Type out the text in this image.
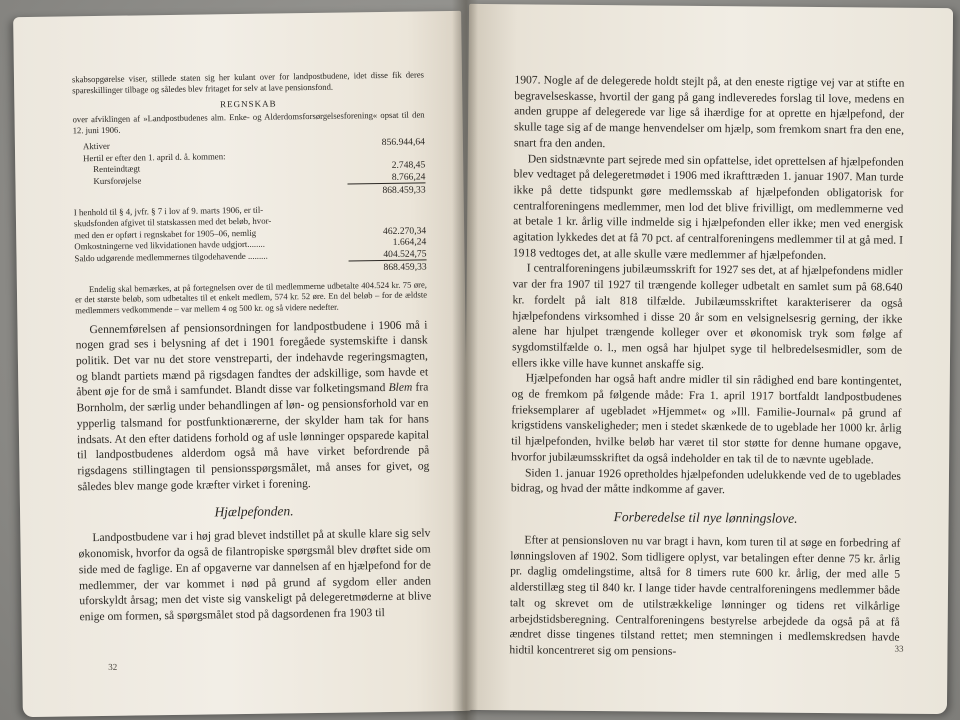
skabsopgørelse viser, stillede staten sig her kulant over for landpostbudene, idet disse fik deres spareskillinger tilbage og således blev fritaget for selv at lave pensionsfond.

REGNSKAB

over afviklingen af »Landpostbudenes alm. Enke- og Alderdomsforsørgelsesforening« opsat til den 12. juni 1906.

Aktiver	856.944,64
Hertil er efter den 1. april d. å. kommen:
Renteindtægt	2.748,45
Kursforøjelse	8.766,24
868.459,33
I henhold til § 4, jvfr. § 7 i lov af 9. marts 1906, er til-
skudsfonden afgivet til statskassen med det beløb, hvor-
med den er opført i regnskabet for 1905–06, nemlig	462.270,34
Omkostningerne ved likvidationen havde udgjort........	1.664,24
Saldo udgørende medlemmernes tilgodehavende .........	404.524,75
868.459,33

Endelig skal bemærkes, at på fortegnelsen over de til medlemmerne udbetalte 404.524 kr. 75 øre, er det største beløb, som udbetaltes til et enkelt medlem, 574 kr. 52 øre. En del beløb – for de ældste medlemmers vedkommende – var mellem 4 og 500 kr. og så videre nedefter.

Gennemførelsen af pensionsordningen for landpostbudene i 1906 må i nogen grad ses i belysning af det i 1901 foregåede systemskifte i dansk politik. Det var nu det store venstreparti, der indehavde regeringsmagten, og blandt partiets mænd på rigsdagen fandtes der adskillige, som havde et åbent øje for de små i samfundet. Blandt disse var folketingsmand Blem fra Bornholm, der særlig under behandlingen af løn- og pensionsforhold var en ypperlig talsmand for postfunktionærerne, der skylder ham tak for hans indsats. At den efter datidens forhold og af usle lønninger opsparede kapital til landpostbudenes alderdom også må have virket befordrende på rigsdagens stillingtagen til pensionsspørgsmålet, må anses for givet, og således blev mange gode kræfter virket i forening.

Hjælpefonden.

Landpostbudene var i høj grad blevet indstillet på at skulle klare sig selv økonomisk, hvorfor da også de filantropiske spørgsmål blev drøftet side om side med de faglige. En af opgaverne var dannelsen af en hjælpefond for de medlemmer, der var kommet i nød på grund af sygdom eller anden uforskyldt årsag; men det viste sig vanskeligt på delegeretmøderne at blive enige om formen, så spørgsmålet stod på dagsordenen fra 1903 til

32

1907. Nogle af de delegerede holdt stejlt på, at den eneste rigtige vej var at stifte en begravelseskasse, hvortil der gang på gang indleveredes forslag til love, medens en anden gruppe af delegerede var lige så ihærdige for at oprette en hjælpefond, der skulle tage sig af de mange henvendelser om hjælp, som fremkom snart fra den ene, snart fra den anden.

Den sidstnævnte part sejrede med sin opfattelse, idet oprettelsen af hjælpefonden blev vedtaget på delegeretmødet i 1906 med ikrafttræden 1. januar 1907. Man turde ikke på dette tidspunkt gøre medlemsskab af hjælpefonden obligatorisk for centralforeningens medlemmer, men lod det blive frivilligt, om medlemmerne ved at betale 1 kr. årlig ville indmelde sig i hjælpefonden eller ikke; men ved energisk agitation lykkedes det at få 70 pct. af centralforeningens medlemmer til at gå med. I 1918 vedtoges det, at alle skulle være medlemmer af hjælpefonden.

I centralforeningens jubilæumsskrift for 1927 ses det, at af hjælpefondens midler var der fra 1907 til 1927 til trængende kolleger udbetalt en samlet sum på 68.640 kr. fordelt på ialt 818 tilfælde. Jubilæumsskriftet karakteriserer da også hjælpefondens virksomhed i disse 20 år som en velsignelsesrig gerning, der ikke alene har hjulpet trængende kolleger over et økonomisk tryk som følge af sygdomstilfælde o. l., men også har hjulpet syge til helbredelsesmidler, som de ellers ikke ville have kunnet anskaffe sig.

Hjælpefonden har også haft andre midler til sin rådighed end bare kontingentet, og de fremkom på følgende måde: Fra 1. april 1917 bortfaldt landpostbudenes frieksemplarer af ugebladet »Hjemmet« og »Ill. Familie-Journal« på grund af krigstidens vanskeligheder; men i stedet skænkede de to ugeblade her 1000 kr. årlig til hjælpefonden, hvilke beløb har været til stor støtte for denne humane opgave, hvorfor jubilæumsskriftet da også indeholder en tak til de to nævnte ugeblade.

Siden 1. januar 1926 opretholdes hjælpefonden udelukkende ved de to ugeblades bidrag, og hvad der måtte indkomme af gaver.

Forberedelse til nye lønningslove.

Efter at pensionsloven nu var bragt i havn, kom turen til at søge en forbedring af lønningsloven af 1902. Som tidligere oplyst, var betalingen efter denne 75 kr. årlig pr. daglig omdelingstime, altså for 8 timers rute 600 kr. årlig, der med alle 5 alderstillæg steg til 840 kr. I lange tider havde centralforeningens medlemmer både talt og skrevet om de utilstrækkelige lønninger og tidens ret vilkårlige arbejdstidsberegning. Centralforeningens bestyrelse arbejdede da også på at få ændret disse tingenes tilstand rettet; men stemningen i medlemskredsen havde hidtil koncentreret sig om pensions-	33
